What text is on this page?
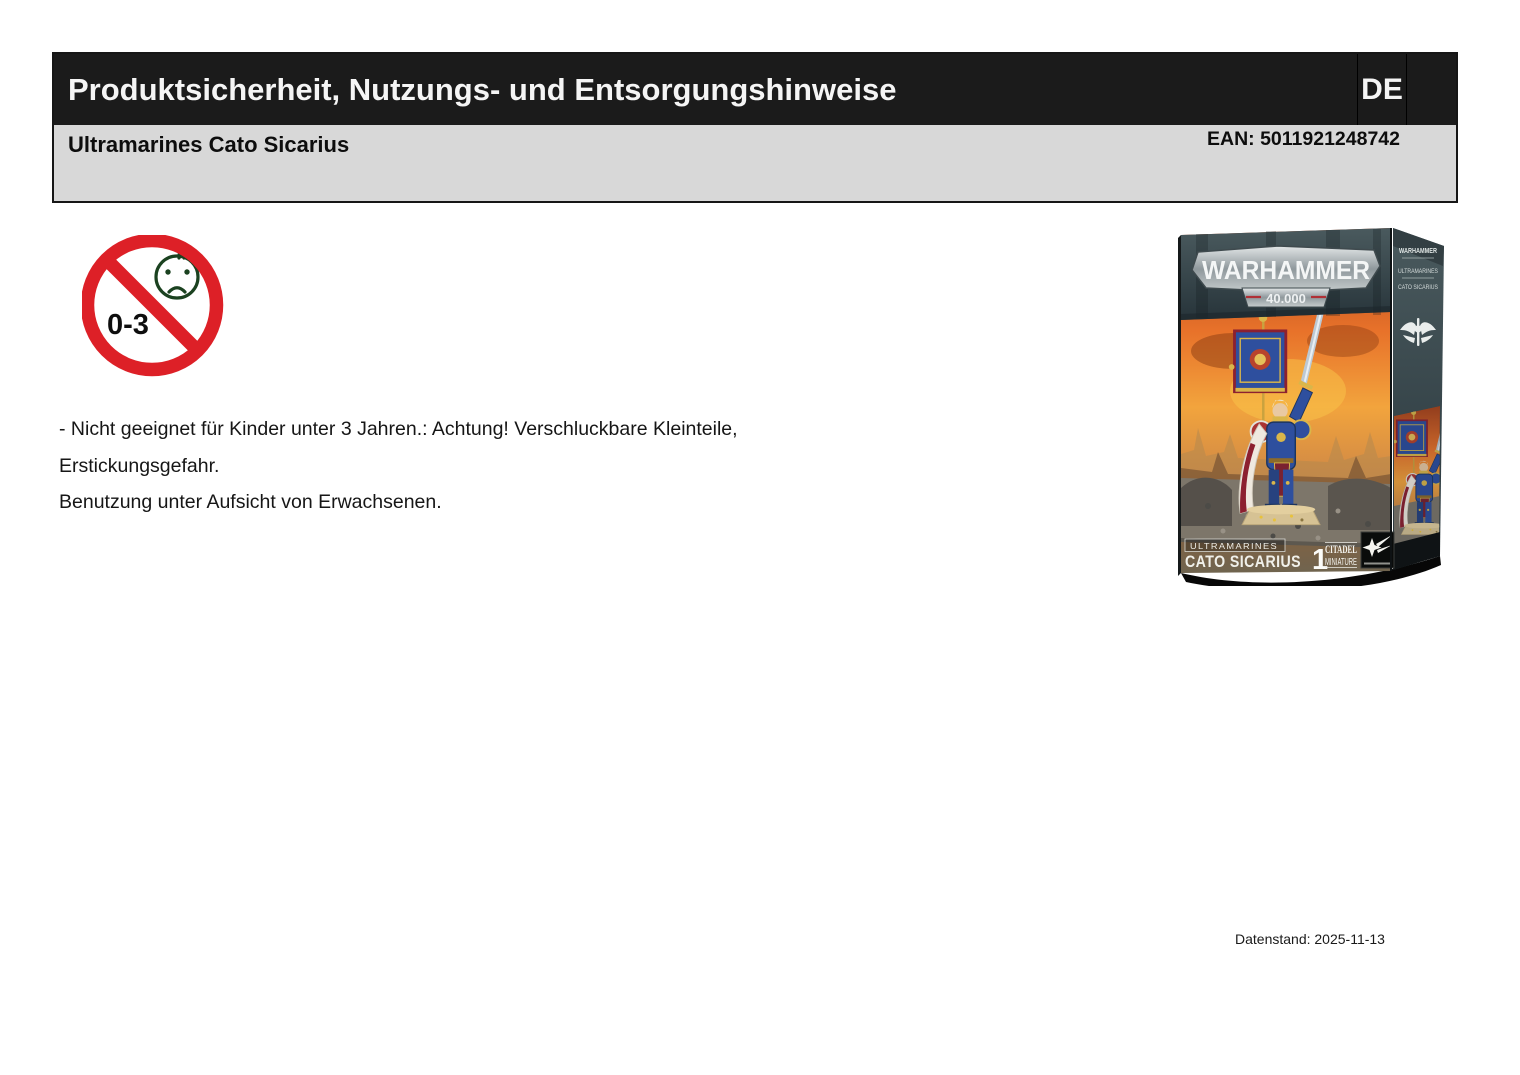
Produktsicherheit, Nutzungs- und Entsorgungshinweise	DE
Ultramarines Cato Sicarius	EAN: 5011921248742
0-3
- Nicht geeignet für Kinder unter 3 Jahren.: Achtung! Verschluckbare Kleinteile,
Erstickungsgefahr.
Benutzung unter Aufsicht von Erwachsenen.
WARHAMMER
ULTRAMARINES
CATO SICARIUS
WARHAMMER
40.000
ULTRAMARINES
CATO SICARIUS 1
CITADEL
MINIATURE
Datenstand: 2025-11-13
